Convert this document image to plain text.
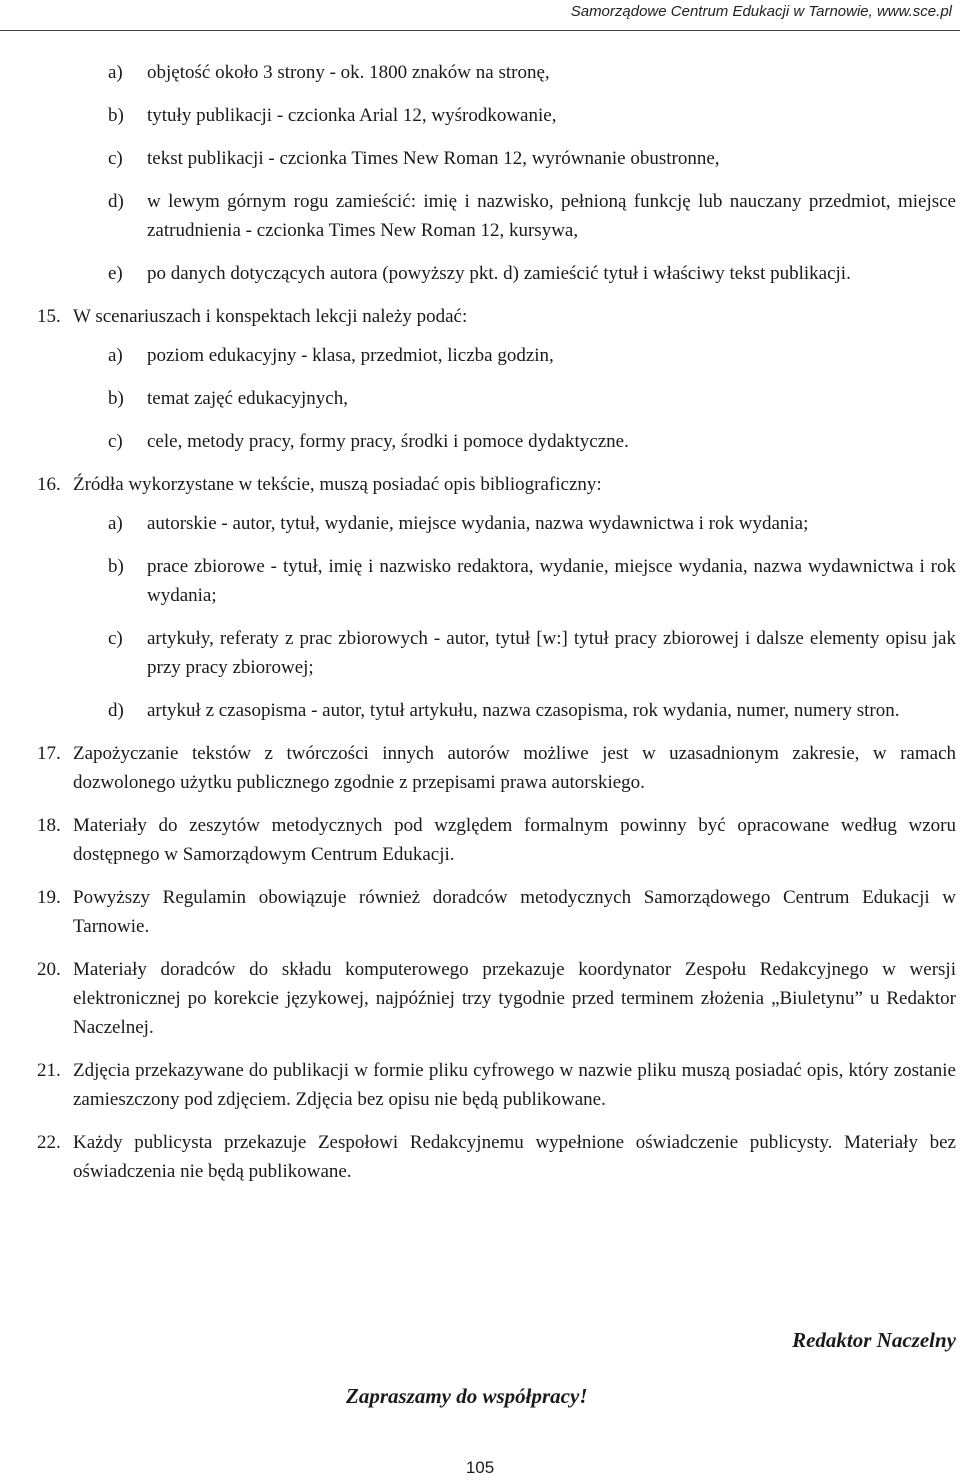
Samorządowe Centrum Edukacji w Tarnowie, www.sce.pl
a) objętość około 3 strony - ok. 1800 znaków na stronę,
b) tytuły publikacji - czcionka Arial 12, wyśrodkowanie,
c) tekst publikacji - czcionka Times New Roman 12, wyrównanie obustronne,
d) w lewym górnym rogu zamieścić: imię i nazwisko, pełnioną funkcję lub nauczany przedmiot, miejsce zatrudnienia - czcionka Times New Roman 12, kursywa,
e) po danych dotyczących autora (powyższy pkt. d) zamieścić tytuł i właściwy tekst publikacji.
15. W scenariuszach i konspektach lekcji należy podać:
a) poziom edukacyjny - klasa, przedmiot, liczba godzin,
b) temat zajęć edukacyjnych,
c) cele, metody pracy, formy pracy, środki i pomoce dydaktyczne.
16. Źródła wykorzystane w tekście, muszą posiadać opis bibliograficzny:
a) autorskie - autor, tytuł, wydanie, miejsce wydania, nazwa wydawnictwa i rok wydania;
b) prace zbiorowe - tytuł, imię i nazwisko redaktora, wydanie, miejsce wydania, nazwa wydawnictwa i rok wydania;
c) artykuły, referaty z prac zbiorowych - autor, tytuł [w:] tytuł pracy zbiorowej i dalsze elementy opisu jak przy pracy zbiorowej;
d) artykuł z czasopisma - autor, tytuł artykułu, nazwa czasopisma, rok wydania, numer, numery stron.
17. Zapożyczanie tekstów z twórczości innych autorów możliwe jest w uzasadnionym zakresie, w ramach dozwolonego użytku publicznego zgodnie z przepisami prawa autorskiego.
18. Materiały do zeszytów metodycznych pod względem formalnym powinny być opracowane według wzoru dostępnego w Samorządowym Centrum Edukacji.
19. Powyższy Regulamin obowiązuje również doradców metodycznych Samorządowego Centrum Edukacji w Tarnowie.
20. Materiały doradców do składu komputerowego przekazuje koordynator Zespołu Redakcyjnego w wersji elektronicznej po korekcie językowej, najpóźniej trzy tygodnie przed terminem złożenia „Biuletynu” u Redaktor Naczelnej.
21. Zdjęcia przekazywane do publikacji w formie pliku cyfrowego w nazwie pliku muszą posiadać opis, który zostanie zamieszczony pod zdjęciem. Zdjęcia bez opisu nie będą publikowane.
22. Każdy publicysta przekazuje Zespołowi Redakcyjnemu wypełnione oświadczenie publicysty. Materiały bez oświadczenia nie będą publikowane.
Redaktor Naczelny
Zapraszamy do współpracy!
105
